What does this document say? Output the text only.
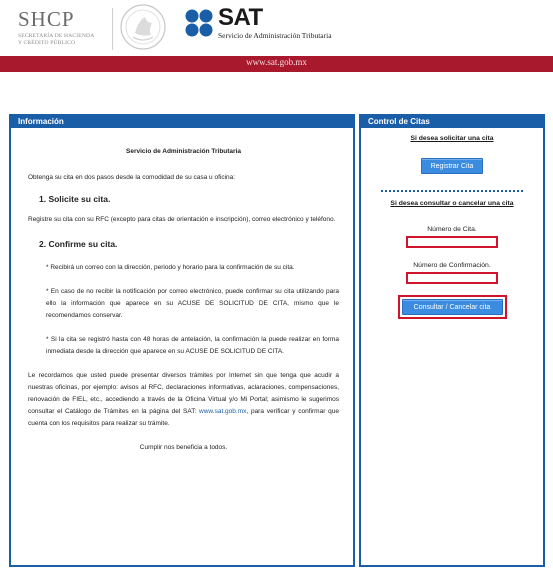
SHCP
SECRETARÍA DE HACIENDA
Y CRÉDITO PÚBLICO
SAT
Servicio de Administración Tributaria
www.sat.gob.mx
Información
Servicio de Administración Tributaria
Obtenga su cita en dos pasos desde la comodidad de su casa u oficina:
1. Solicite su cita.
Registre su cita con su RFC (excepto para citas de orientación e inscripción), correo electrónico y teléfono.
2. Confirme su cita.
* Recibirá un correo con la dirección, periodo y horario para la confirmación de su cita.
* En caso de no recibir la notificación por correo electrónico, puede confirmar su cita utilizando para ello la información que aparece en su ACUSE DE SOLICITUD DE CITA, mismo que le recomendamos conservar.
* Si la cita se registró hasta con 48 horas de antelación, la confirmación la puede realizar en forma inmediata desde la dirección que aparece en su ACUSE DE SOLICITUD DE CITA.
Le recordamos que usted puede presentar diversos trámites por Internet sin que tenga que acudir a nuestras oficinas, por ejemplo: avisos al RFC, declaraciones informativas, aclaraciones, compensaciones, renovación de FIEL, etc., accediendo a través de la Oficina Virtual y/o Mi Portal; asimismo le sugerimos consultar el Catálogo de Trámites en la página del SAT: www.sat.gob.mx, para verificar y confirmar que cuenta con los requisitos para realizar su trámite.
Cumplir nos beneficia a todos.
Control de Citas
Si desea solicitar una cita
Registrar Cita
Si desea consultar o cancelar una cita
Número de Cita.
Número de Confirmación.
Consultar / Cancelar cita
